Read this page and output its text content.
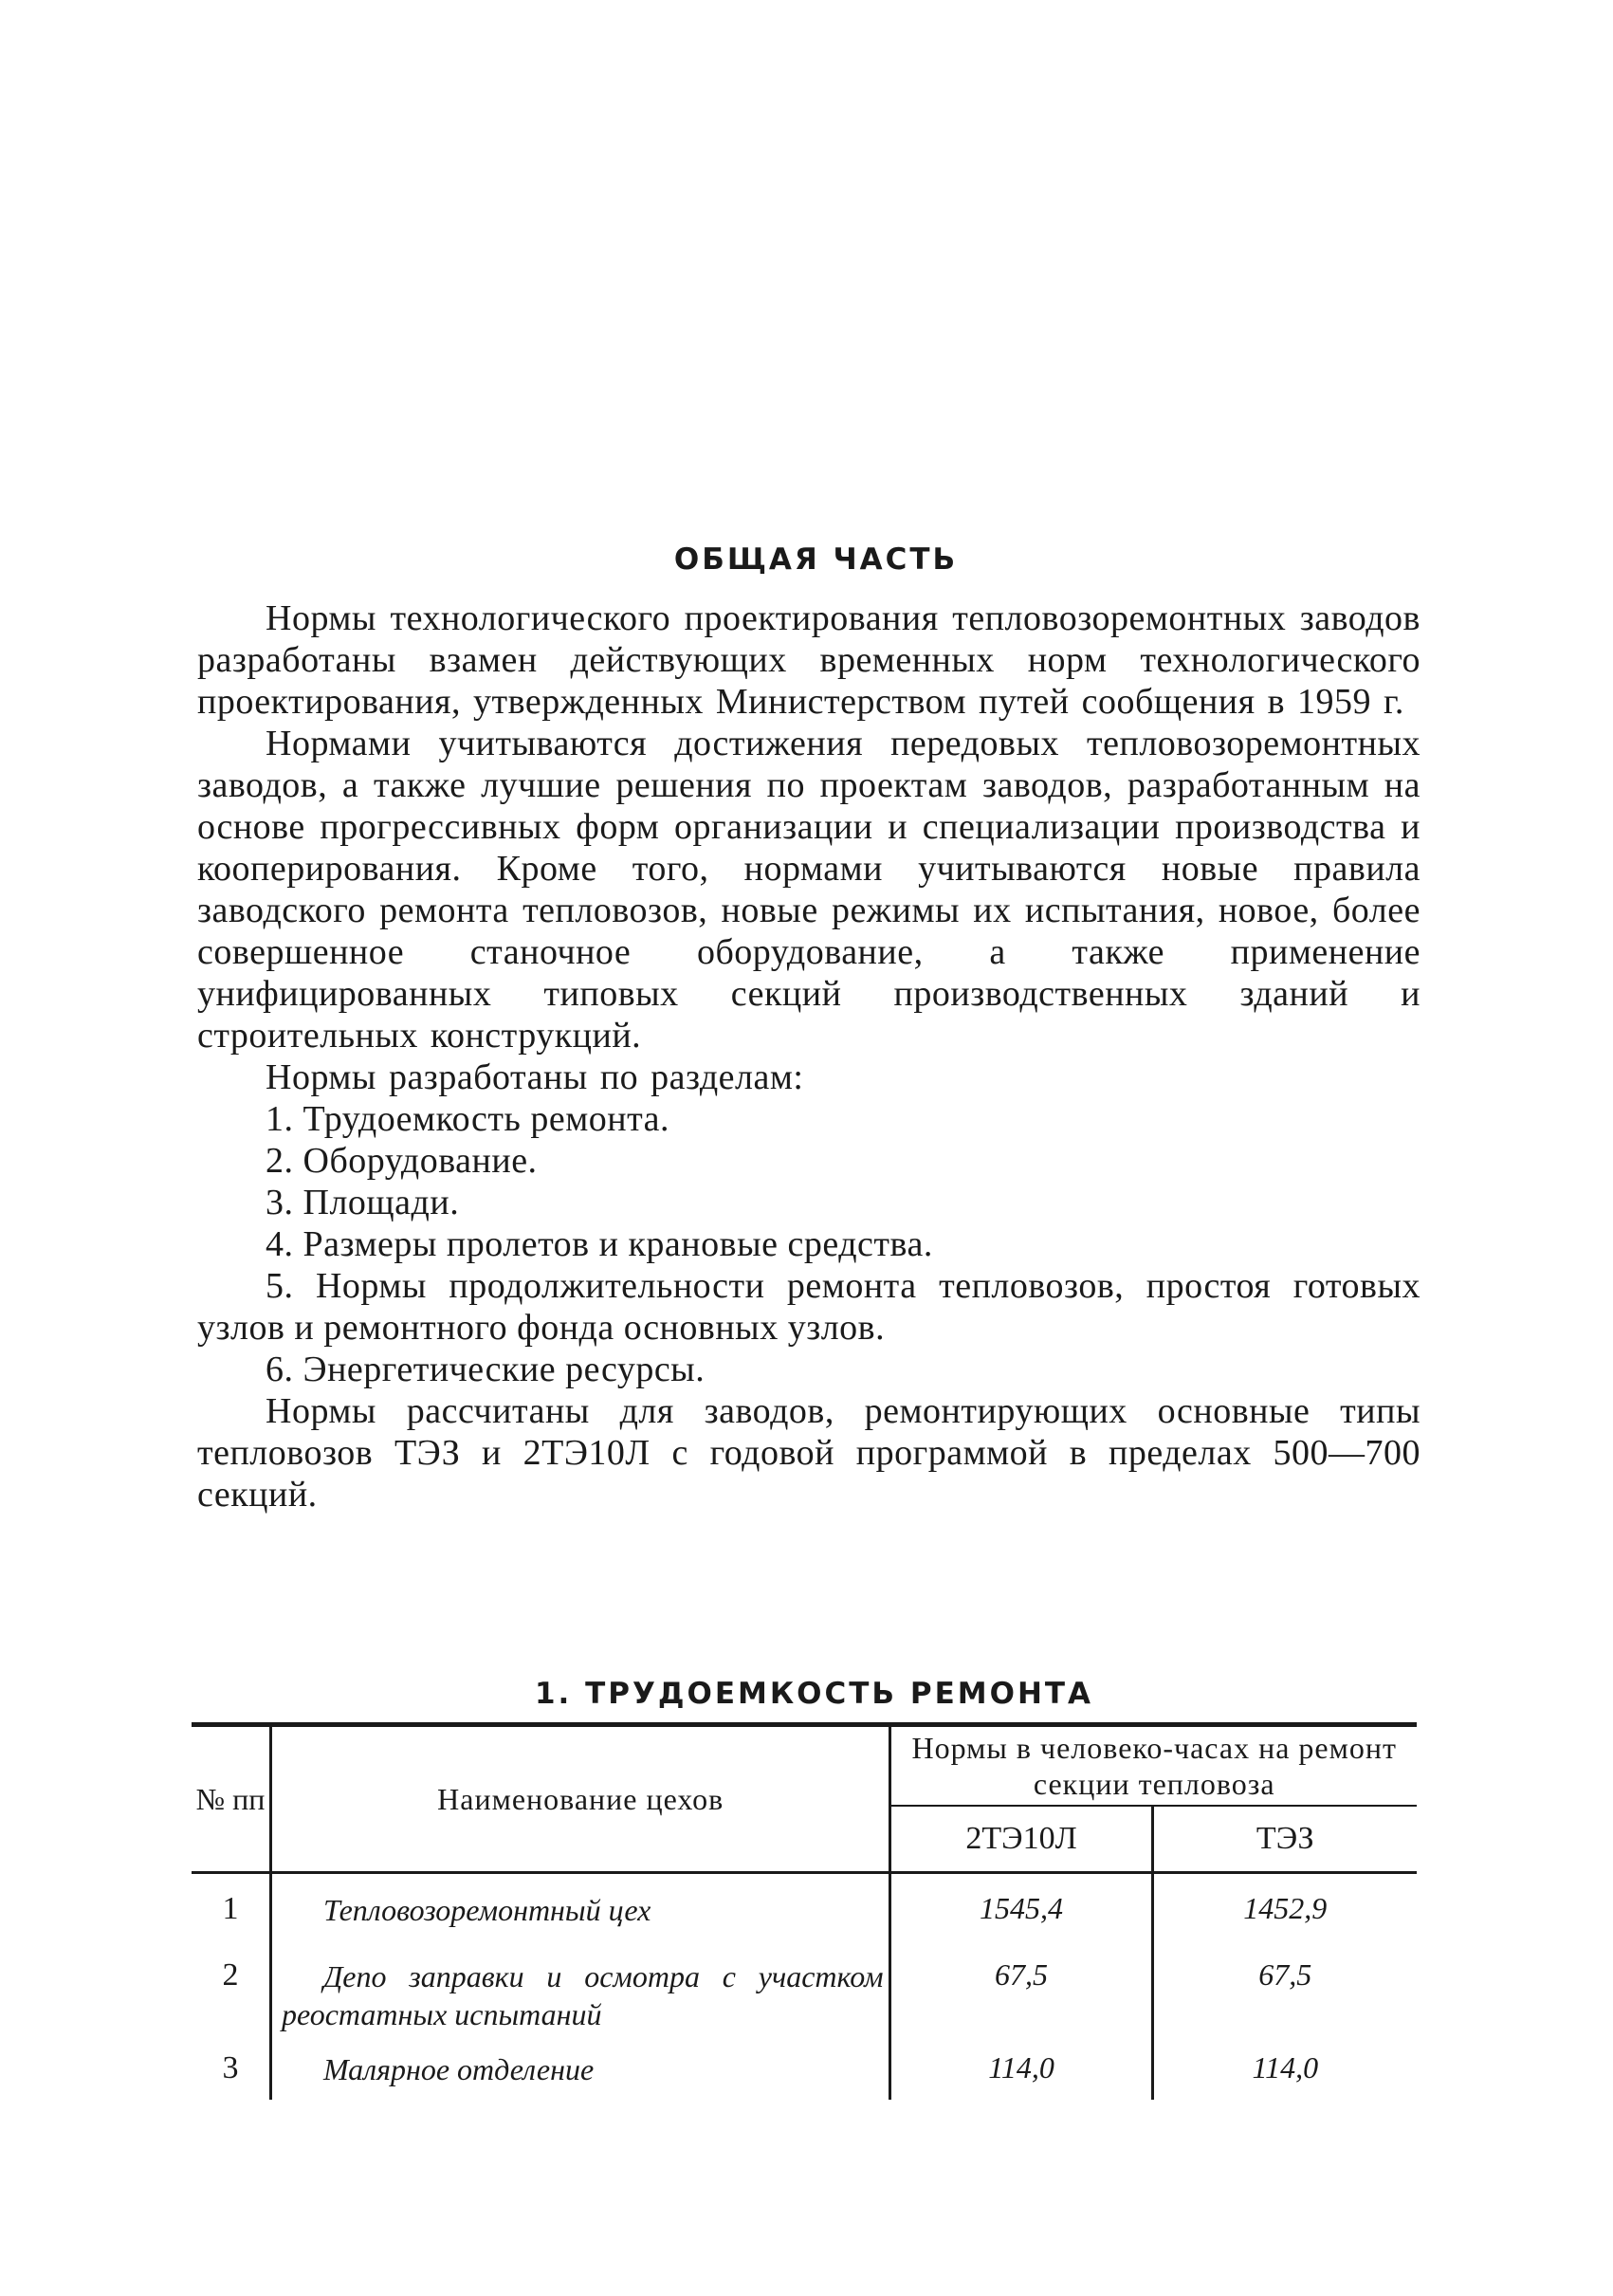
ОБЩАЯ ЧАСТЬ

Нормы технологического проектирования тепловозоремонтных заводов разработаны взамен действующих временных норм технологического проектирования, утвержденных Министерством путей сообщения в 1959 г.

Нормами учитываются достижения передовых тепловозоремонтных заводов, а также лучшие решения по проектам заводов, разработанным на основе прогрессивных форм организации и специализации производства и кооперирования. Кроме того, нормами учитываются новые правила заводского ремонта тепловозов, новые режимы их испытания, новое, более совершенное станочное оборудование, а также применение унифицированных типовых секций производственных зданий и строительных конструкций.

Нормы разработаны по разделам:

1. Трудоемкость ремонта.
2. Оборудование.
3. Площади.
4. Размеры пролетов и крановые средства.
5. Нормы продолжительности ремонта тепловозов, простоя готовых узлов и ремонтного фонда основных узлов.
6. Энергетические ресурсы.

Нормы рассчитаны для заводов, ремонтирующих основные типы тепловозов ТЭЗ и 2ТЭ10Л с годовой программой в пределах 500—700 секций.

1. ТРУДОЕМКОСТЬ РЕМОНТА
№ пп	Наименование цехов	Нормы в человеко-часах на ремонт секции тепловоза	
		2ТЭ10Л	ТЭЗ
1	Тепловозоремонтный цех	1545,4	1452,9
2	Депо заправки и осмотра с участком реостатных испытаний	67,5	67,5
3	Малярное отделение	114,0	114,0
